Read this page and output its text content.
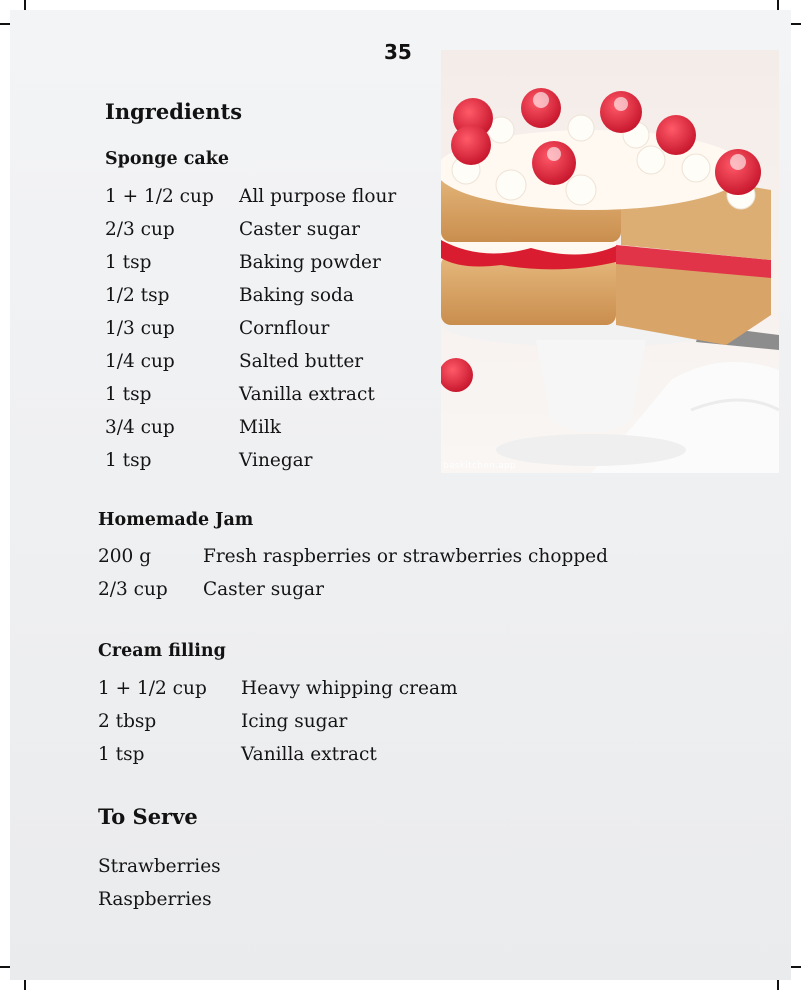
35
baskitchen.app
Ingredients
Sponge cake
1 + 1/2 cup	All purpose flour
2/3 cup	Caster sugar
1 tsp	Baking powder
1/2 tsp	Baking soda
1/3 cup	Cornflour
1/4 cup	Salted butter
1 tsp	Vanilla extract
3/4 cup	Milk
1 tsp	Vinegar
Homemade Jam
200 g	Fresh raspberries or strawberries chopped
2/3 cup	Caster sugar
Cream filling
1 + 1/2 cup	Heavy whipping cream
2 tbsp	Icing sugar
1 tsp	Vanilla extract
To Serve
Strawberries
Raspberries
